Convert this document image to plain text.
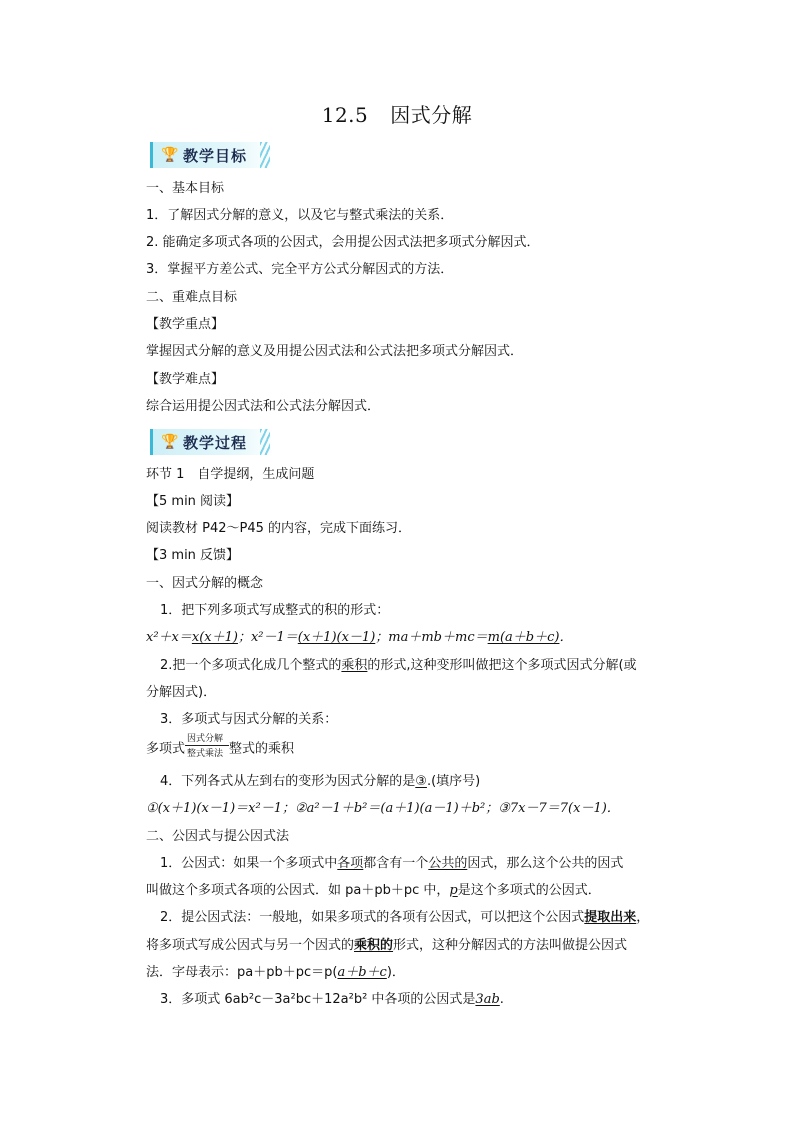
12.5 因式分解
🏆 教学目标
一、基本目标
1．了解因式分解的意义，以及它与整式乘法的关系．
2. 能确定多项式各项的公因式，会用提公因式法把多项式分解因式．
3．掌握平方差公式、完全平方公式分解因式的方法．
二、重难点目标
【教学重点】
掌握因式分解的意义及用提公因式法和公式法把多项式分解因式．
【教学难点】
综合运用提公因式法和公式法分解因式．
🏆 教学过程
环节 1　 自学提纲，生成问题
【5 min 阅读】
阅读教材 P42～P45 的内容，完成下面练习．
【3 min 反馈】
一、因式分解的概念
1．把下列多项式写成整式的积的形式：
x²＋x＝x(x＋1)；x²－1＝(x＋1)(x－1)；ma＋mb＋mc＝m(a＋b＋c)．
2.把一个多项式化成几个整式的乘积的形式,这种变形叫做把这个多项式因式分解(或
分解因式)．
3．多项式与因式分解的关系：
多项式
因式分解
整式乘法 整式的乘积
4．下列各式从左到右的变形为因式分解的是③.(填序号)
①(x＋1)(x－1)＝x²－1；②a²－1＋b²＝(a＋1)(a－1)＋b²；③7x－7＝7(x－1)．
二、公因式与提公因式法
1．公因式：如果一个多项式中各项都含有一个公共的因式，那么这个公共的因式
叫做这个多项式各项的公因式．如 pa＋pb＋pc 中，p是这个多项式的公因式．
2．提公因式法：一般地，如果多项式的各项有公因式，可以把这个公因式提取出来，
将多项式写成公因式与另一个因式的乘积的形式，这种分解因式的方法叫做提公因式
法．字母表示：pa＋pb＋pc＝p(a＋b＋c)．
3．多项式 6ab²c－3a²bc＋12a²b² 中各项的公因式是3ab.
